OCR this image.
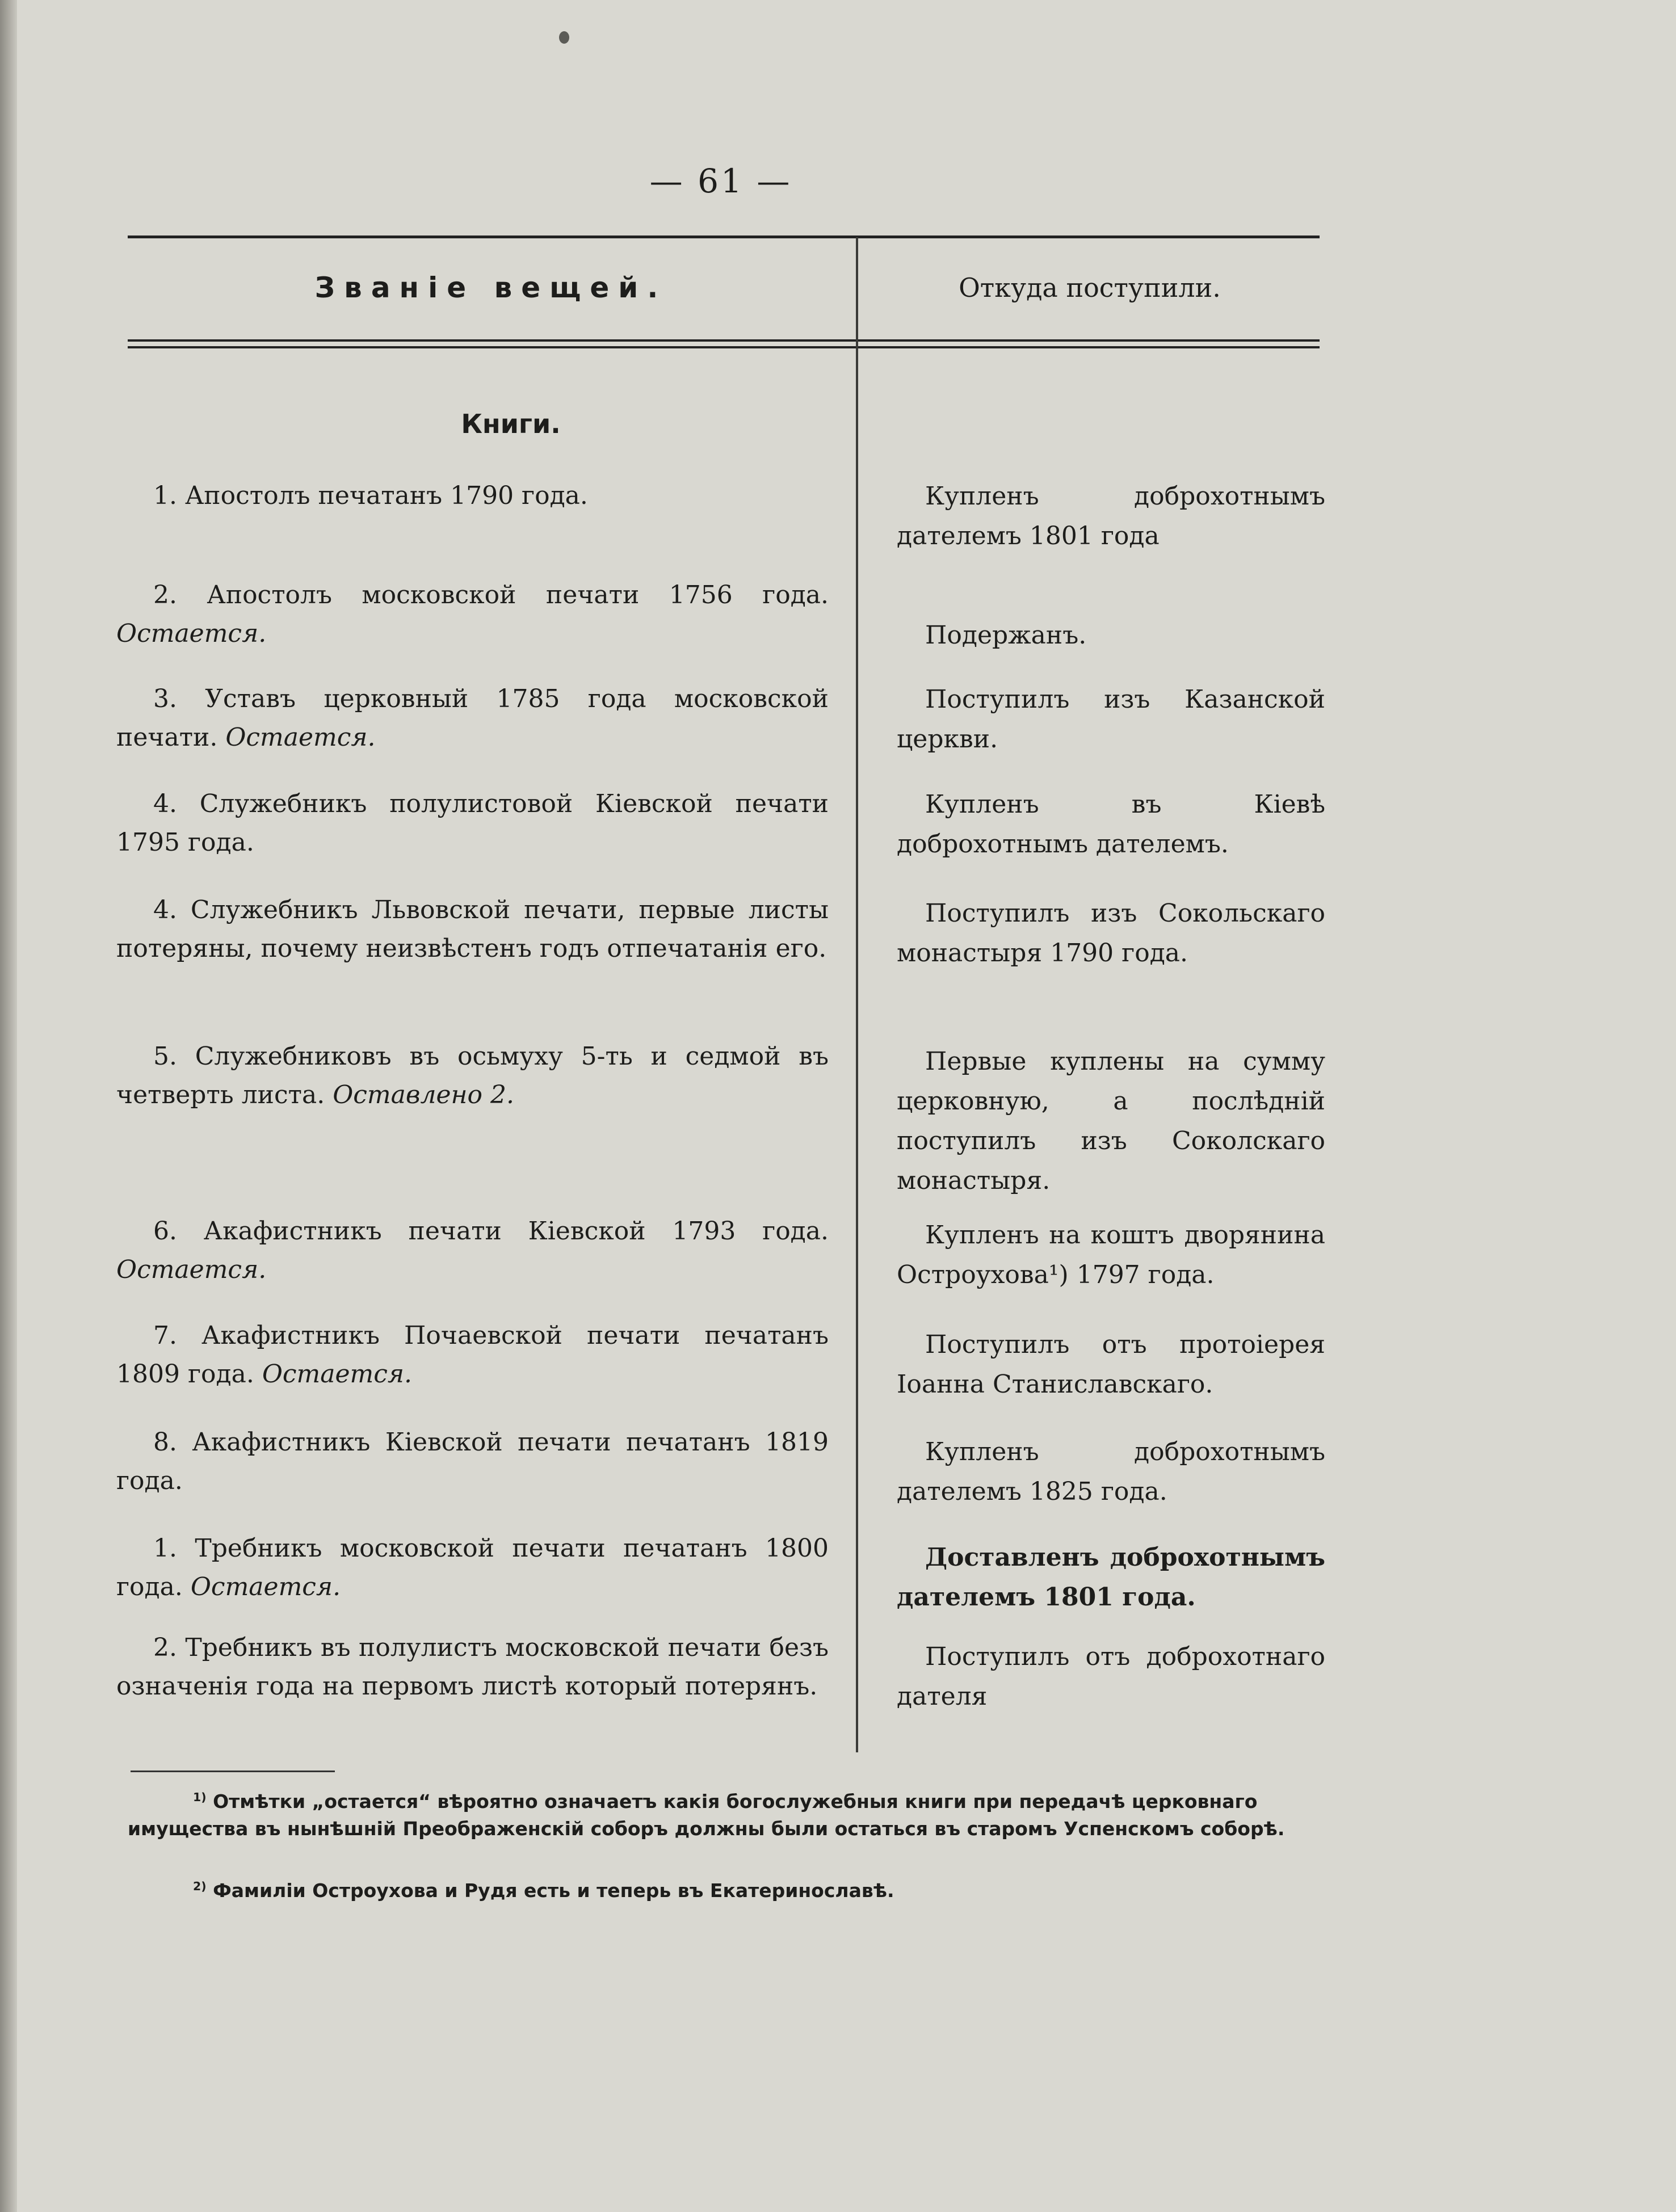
— 61 —
Званіе вещей.	Откуда поступили.
Книги.
1. Апостолъ печатанъ 1790 года.
2. Апостолъ московской печати 1756 года. Остается.
3. Уставъ церковный 1785 года московской печати. Остается.
4. Служебникъ полулистовой Кіевской печати 1795 года.
4. Служебникъ Львовской печати, первые листы потеряны, почему неизвѣстенъ годъ отпечатанія его.
5. Служебниковъ въ осьмуху 5-ть и седмой въ четверть листа. Оставлено 2.
6. Акафистникъ печати Кіевской 1793 года. Остается.
7. Акафистникъ Почаевской печати печатанъ 1809 года. Остается.
8. Акафистникъ Кіевской печати печатанъ 1819 года.
1. Требникъ московской печати печатанъ 1800 года. Остается.
2. Требникъ въ полулистъ московской печати безъ означенія года на первомъ листѣ который потерянъ.
Купленъ доброхотнымъ дателемъ 1801 года
Подержанъ.
Поступилъ изъ Казанской церкви.
Купленъ въ Кіевѣ доброхотнымъ дателемъ.
Поступилъ изъ Сокольскаго монастыря 1790 года.
Первые куплены на сумму церковную, а послѣдній поступилъ изъ Соколскаго монастыря.
Купленъ на коштъ дворянина Остроухова¹) 1797 года.
Поступилъ отъ протоіерея Іоанна Станиславскаго.
Купленъ доброхотнымъ дателемъ 1825 года.
Доставленъ доброхотнымъ дателемъ 1801 года.
Поступилъ отъ доброхотнаго дателя
$^{1)}$ Отмѣтки „остается“ вѣроятно означаетъ какія богослужебныя книги при передачѣ церковнаго имущества въ нынѣшній Преображенскій соборъ должны были остаться въ старомъ Успенскомъ соборѣ.
$^{2)}$ Фамиліи Остроухова и Рудя есть и теперь въ Екатеринославѣ.
